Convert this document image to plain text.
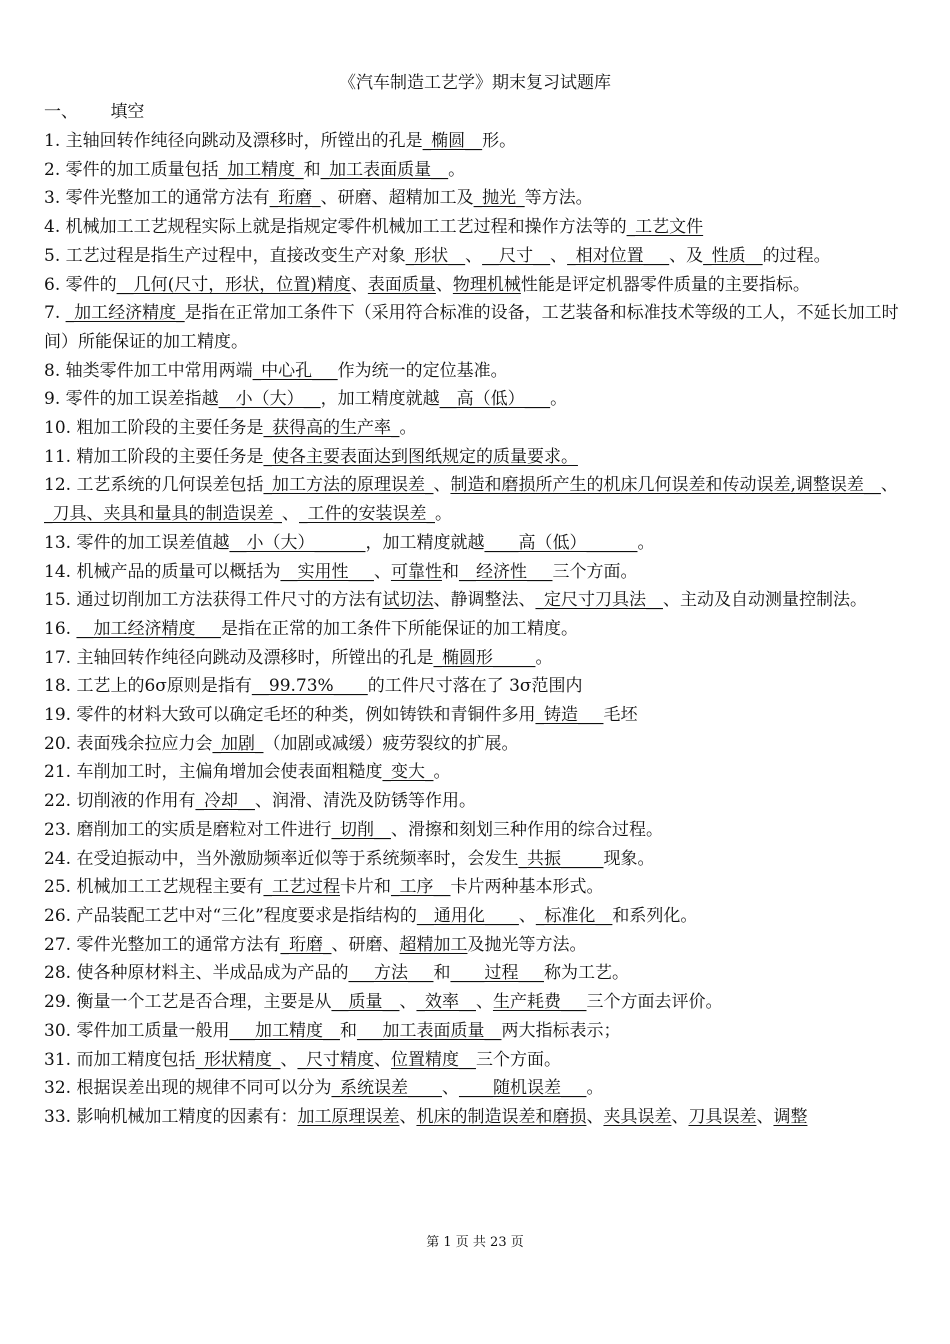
《汽车制造工艺学》期末复习试题库
一、 填空

1. 主轴回转作纯径向跳动及漂移时，所镗出的孔是_椭圆__形。

2. 零件的加工质量包括_加工精度_和_加工表面质量__。

3. 零件光整加工的通常方法有_珩磨_、研磨、超精加工及_抛光_等方法。

4. 机械加工工艺规程实际上就是指规定零件机械加工工艺过程和操作方法等的_工艺文件

5. 工艺过程是指生产过程中，直接改变生产对象_形状__、__尺寸__、_相对位置___、及_性质__的过程。

6. 零件的__几何(尺寸，形状，位置)精度、表面质量、物理机械性能是评定机器零件质量的主要指标。

7. _加工经济精度_是指在正常加工条件下（采用符合标准的设备，工艺装备和标准技术等级的工人，不延长加工时间）所能保证的加工精度。

8. 轴类零件加工中常用两端_中心孔___作为统一的定位基准。

9. 零件的加工误差指越__小（大）__，加工精度就越__高（低）___。

10. 粗加工阶段的主要任务是_获得高的生产率_。

11. 精加工阶段的主要任务是_使各主要表面达到图纸规定的质量要求。

12. 工艺系统的几何误差包括_加工方法的原理误差_、制造和磨损所产生的机床几何误差和传动误差,调整误差__、_刀具、夹具和量具的制造误差_、_工件的安装误差_。

13. 零件的加工误差值越__小（大）______，加工精度就越____高（低）______。

14. 机械产品的质量可以概括为__实用性___、可靠性和__经济性___三个方面。

15. 通过切削加工方法获得工件尺寸的方法有试切法、静调整法、_定尺寸刀具法__、主动及自动测量控制法。

16. __加工经济精度___是指在正常的加工条件下所能保证的加工精度。

17. 主轴回转作纯径向跳动及漂移时，所镗出的孔是_椭圆形_____。

18. 工艺上的6σ原则是指有__99.73%____的工件尺寸落在了 3σ范围内

19. 零件的材料大致可以确定毛坯的种类，例如铸铁和青铜件多用_铸造___毛坯

20. 表面残余拉应力会_加剧_（加剧或减缓）疲劳裂纹的扩展。

21. 车削加工时，主偏角增加会使表面粗糙度_变大_。

22. 切削液的作用有_冷却__、润滑、清洗及防锈等作用。

23. 磨削加工的实质是磨粒对工件进行_切削__、滑擦和刻划三种作用的综合过程。

24. 在受迫振动中，当外激励频率近似等于系统频率时，会发生_共振_____现象。

25. 机械加工工艺规程主要有_工艺过程卡片和_工序__卡片两种基本形式。

26. 产品装配工艺中对“三化”程度要求是指结构的__通用化____、_标准化__和系列化。

27. 零件光整加工的通常方法有_珩磨_、研磨、超精加工及抛光等方法。

28. 使各种原材料主、半成品成为产品的___方法___和____过程___称为工艺。

29. 衡量一个工艺是否合理，主要是从__质量__、_效率__、生产耗费___三个方面去评价。

30. 零件加工质量一般用___加工精度__和___加工表面质量__两大指标表示；

31. 而加工精度包括_形状精度_、_尺寸精度、位置精度__三个方面。

32. 根据误差出现的规律不同可以分为_系统误差____、____随机误差___。

33. 影响机械加工精度的因素有：加工原理误差、机床的制造误差和磨损、夹具误差、刀具误差、调整

第 1 页 共 23 页
